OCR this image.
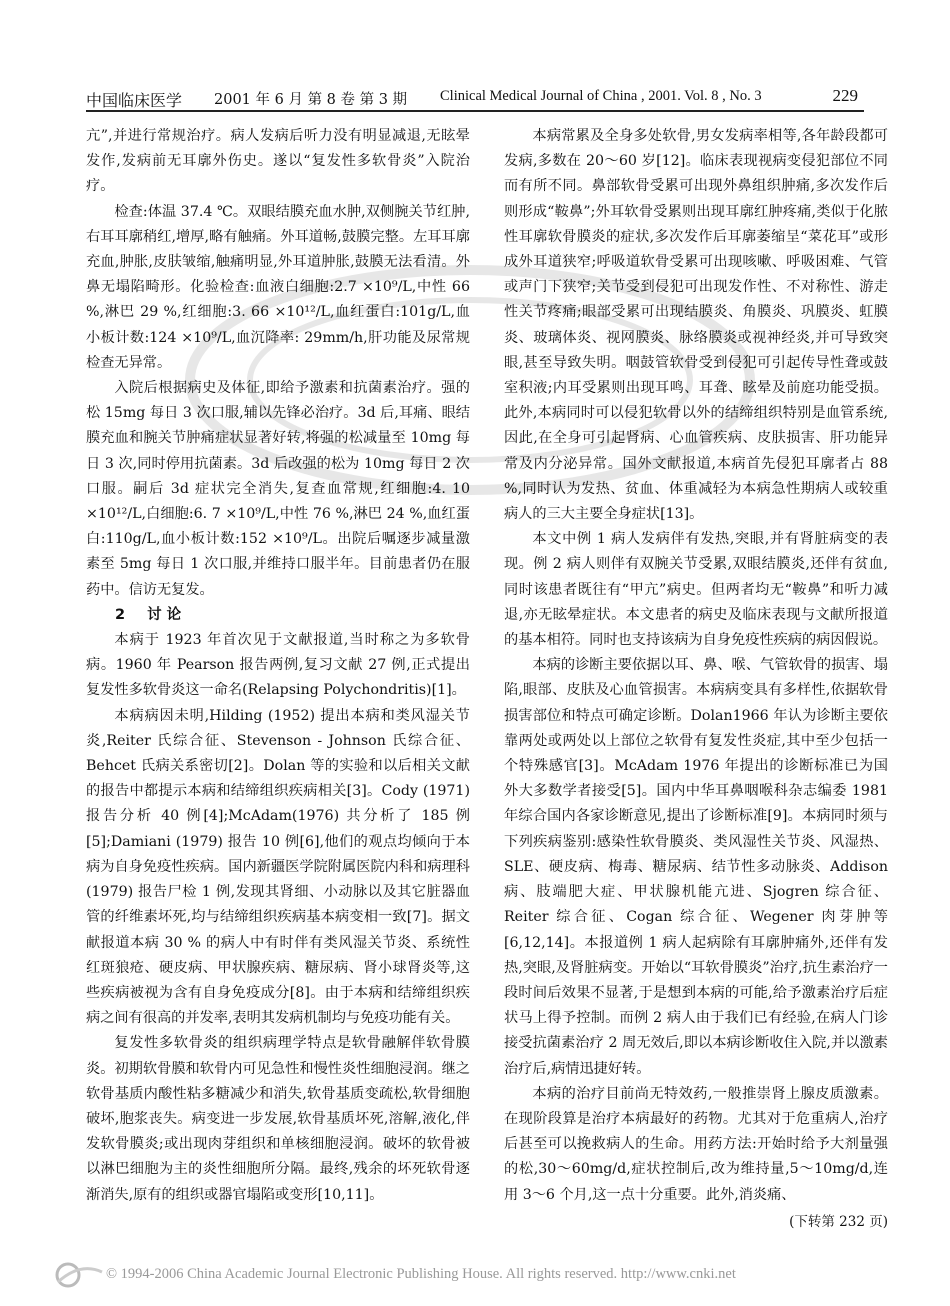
中国临床医学 2001 年 6 月 第 8 卷 第 3 期 Clinical Medical Journal of China , 2001. Vol. 8 , No. 3	229

亢”,并进行常规治疗。病人发病后听力没有明显减退,无眩晕发作,发病前无耳廓外伤史。遂以“复发性多软骨炎”入院治疗。

检查:体温 37.4 ℃。双眼结膜充血水肿,双侧腕关节红肿,右耳耳廓稍红,增厚,略有触痛。外耳道畅,鼓膜完整。左耳耳廓充血,肿胀,皮肤皱缩,触痛明显,外耳道肿胀,鼓膜无法看清。外鼻无塌陷畸形。化验检查:血液白细胞:2.7 ×10⁹/L,中性 66 %,淋巴 29 %,红细胞:3. 66 ×10¹²/L,血红蛋白:101g/L,血小板计数:124 ×10⁹/L,血沉降率: 29mm/h,肝功能及尿常规检查无异常。

入院后根据病史及体征,即给予激素和抗菌素治疗。强的松 15mg 每日 3 次口服,辅以先锋必治疗。3d 后,耳痛、眼结膜充血和腕关节肿痛症状显著好转,将强的松减量至 10mg 每日 3 次,同时停用抗菌素。3d 后改强的松为 10mg 每日 2 次口服。嗣后 3d 症状完全消失,复查血常规,红细胞:4. 10 ×10¹²/L,白细胞:6. 7 ×10⁹/L,中性 76 %,淋巴 24 %,血红蛋白:110g/L,血小板计数:152 ×10⁹/L。出院后嘱逐步减量激素至 5mg 每日 1 次口服,并维持口服半年。目前患者仍在服药中。信访无复发。

2 讨 论

本病于 1923 年首次见于文献报道,当时称之为多软骨病。1960 年 Pearson 报告两例,复习文献 27 例,正式提出复发性多软骨炎这一命名(Relapsing Polychondritis)[1]。

本病病因未明,Hilding (1952) 提出本病和类风湿关节炎,Reiter 氏综合征、Stevenson - Johnson 氏综合征、Behcet 氏病关系密切[2]。Dolan 等的实验和以后相关文献的报告中都提示本病和结缔组织疾病相关[3]。Cody (1971) 报告分析 40 例[4];McAdam(1976) 共分析了 185 例[5];Damiani (1979) 报告 10 例[6],他们的观点均倾向于本病为自身免疫性疾病。国内新疆医学院附属医院内科和病理科(1979) 报告尸检 1 例,发现其肾细、小动脉以及其它脏器血管的纤维素坏死,均与结缔组织疾病基本病变相一致[7]。据文献报道本病 30 % 的病人中有时伴有类风湿关节炎、系统性红斑狼疮、硬皮病、甲状腺疾病、糖尿病、肾小球肾炎等,这些疾病被视为含有自身免疫成分[8]。由于本病和结缔组织疾病之间有很高的并发率,表明其发病机制均与免疫功能有关。

复发性多软骨炎的组织病理学特点是软骨融解伴软骨膜炎。初期软骨膜和软骨内可见急性和慢性炎性细胞浸润。继之软骨基质内酸性粘多糖减少和消失,软骨基质变疏松,软骨细胞破坏,胞浆丧失。病变进一步发展,软骨基质坏死,溶解,液化,伴发软骨膜炎;或出现肉芽组织和单核细胞浸润。破坏的软骨被以淋巴细胞为主的炎性细胞所分隔。最终,残余的坏死软骨逐渐消失,原有的组织或器官塌陷或变形[10,11]。

本病常累及全身多处软骨,男女发病率相等,各年龄段都可发病,多数在 20～60 岁[12]。临床表现视病变侵犯部位不同而有所不同。鼻部软骨受累可出现外鼻组织肿痛,多次发作后则形成“鞍鼻”;外耳软骨受累则出现耳廓红肿疼痛,类似于化脓性耳廓软骨膜炎的症状,多次发作后耳廓萎缩呈“菜花耳”或形成外耳道狭窄;呼吸道软骨受累可出现咳嗽、呼吸困难、气管或声门下狭窄;关节受到侵犯可出现发作性、不对称性、游走性关节疼痛;眼部受累可出现结膜炎、角膜炎、巩膜炎、虹膜炎、玻璃体炎、视网膜炎、脉络膜炎或视神经炎,并可导致突眼,甚至导致失明。咽鼓管软骨受到侵犯可引起传导性聋或鼓室积液;内耳受累则出现耳鸣、耳聋、眩晕及前庭功能受损。此外,本病同时可以侵犯软骨以外的结缔组织特别是血管系统,因此,在全身可引起肾病、心血管疾病、皮肤损害、肝功能异常及内分泌异常。国外文献报道,本病首先侵犯耳廓者占 88 %,同时认为发热、贫血、体重减轻为本病急性期病人或较重病人的三大主要全身症状[13]。

本文中例 1 病人发病伴有发热,突眼,并有肾脏病变的表现。例 2 病人则伴有双腕关节受累,双眼结膜炎,还伴有贫血,同时该患者既往有“甲亢”病史。但两者均无“鞍鼻”和听力减退,亦无眩晕症状。本文患者的病史及临床表现与文献所报道的基本相符。同时也支持该病为自身免疫性疾病的病因假说。

本病的诊断主要依据以耳、鼻、喉、气管软骨的损害、塌陷,眼部、皮肤及心血管损害。本病病变具有多样性,依据软骨损害部位和特点可确定诊断。Dolan1966 年认为诊断主要依靠两处或两处以上部位之软骨有复发性炎症,其中至少包括一个特殊感官[3]。McAdam 1976 年提出的诊断标准已为国外大多数学者接受[5]。国内中华耳鼻咽喉科杂志编委 1981 年综合国内各家诊断意见,提出了诊断标准[9]。本病同时须与下列疾病鉴别:感染性软骨膜炎、类风湿性关节炎、风湿热、SLE、硬皮病、梅毒、糖尿病、结节性多动脉炎、Addison 病、肢端肥大症、甲状腺机能亢进、Sjogren 综合征、Reiter 综合征、Cogan 综合征、Wegener 肉芽肿等[6,12,14]。本报道例 1 病人起病除有耳廓肿痛外,还伴有发热,突眼,及肾脏病变。开始以“耳软骨膜炎”治疗,抗生素治疗一段时间后效果不显著,于是想到本病的可能,给予激素治疗后症状马上得予控制。而例 2 病人由于我们已有经验,在病人门诊接受抗菌素治疗 2 周无效后,即以本病诊断收住入院,并以激素治疗后,病情迅捷好转。

本病的治疗目前尚无特效药,一般推崇肾上腺皮质激素。在现阶段算是治疗本病最好的药物。尤其对于危重病人,治疗后甚至可以挽救病人的生命。用药方法:开始时给予大剂量强的松,30～60mg/d,症状控制后,改为维持量,5～10mg/d,连用 3～6 个月,这一点十分重要。此外,消炎痛、

(下转第 232 页)
© 1994-2006 China Academic Journal Electronic Publishing House. All rights reserved. http://www.cnki.net
